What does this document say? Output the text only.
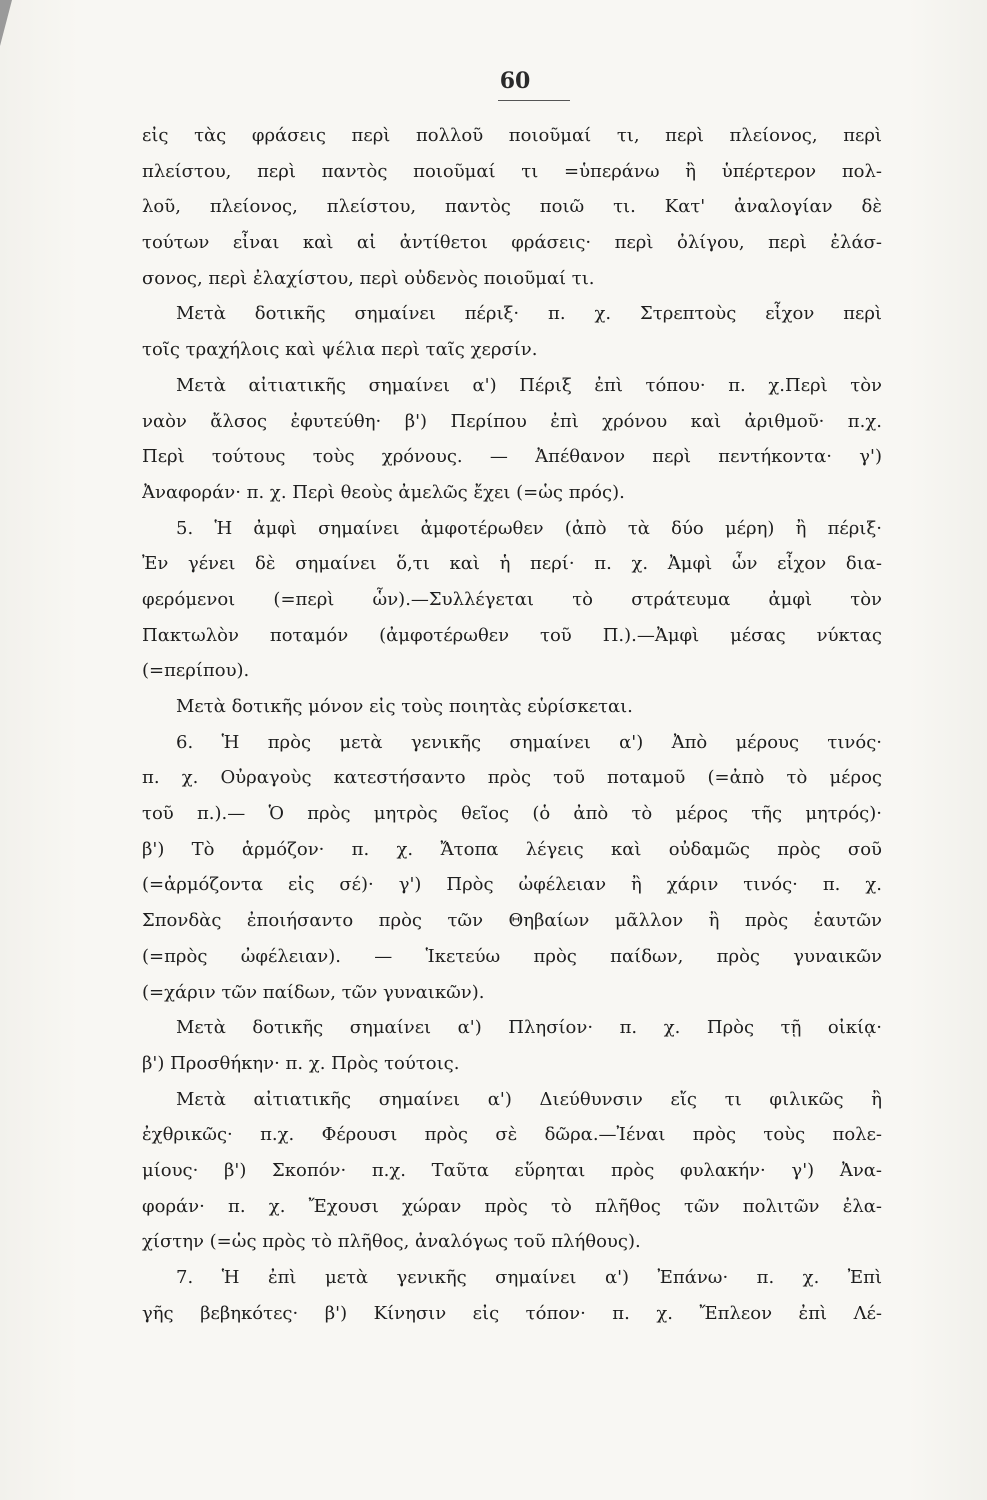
60
εἰς τὰς φράσεις περὶ πολλοῦ ποιοῦμαί τι, περὶ πλείονος, περὶ
πλείστου, περὶ παντὸς ποιοῦμαί τι =ὑπεράνω ἢ ὑπέρτερον πολ-
λοῦ, πλείονος, πλείστου, παντὸς ποιῶ τι. Κατ' ἀναλογίαν δὲ
τούτων εἶναι καὶ αἱ ἀντίθετοι φράσεις· περὶ ὀλίγου, περὶ ἐλάσ-
σονος, περὶ ἐλαχίστου, περὶ οὐδενὸς ποιοῦμαί τι.
Μετὰ δοτικῆς σημαίνει πέριξ· π. χ. Στρεπτοὺς εἶχον περὶ
τοῖς τραχήλοις καὶ ψέλια περὶ ταῖς χερσίν.
Μετὰ αἰτιατικῆς σημαίνει α') Πέριξ ἐπὶ τόπου· π. χ.Περὶ τὸν
ναὸν ἄλσος ἐφυτεύθη· β') Περίπου ἐπὶ χρόνου καὶ ἀριθμοῦ· π.χ.
Περὶ τούτους τοὺς χρόνους. — Ἀπέθανον περὶ πεντήκοντα· γ')
Ἀναφοράν· π. χ. Περὶ θεοὺς ἀμελῶς ἔχει (=ὡς πρός).
5. Ἡ ἀμφὶ σημαίνει ἀμφοτέρωθεν (ἀπὸ τὰ δύο μέρη) ἢ πέριξ·
Ἐν γένει δὲ σημαίνει ὅ,τι καὶ ἡ περί· π. χ. Ἀμφὶ ὧν εἶχον δια-
φερόμενοι (=περὶ ὧν).—Συλλέγεται τὸ στράτευμα ἀμφὶ τὸν
Πακτωλὸν ποταμόν (ἀμφοτέρωθεν τοῦ Π.).—Ἀμφὶ μέσας νύκτας
(=περίπου).
Μετὰ δοτικῆς μόνον εἰς τοὺς ποιητὰς εὑρίσκεται.
6. Ἡ πρὸς μετὰ γενικῆς σημαίνει α') Ἀπὸ μέρους τινός·
π. χ. Οὐραγοὺς κατεστήσαντο πρὸς τοῦ ποταμοῦ (=ἀπὸ τὸ μέρος
τοῦ π.).— Ὁ πρὸς μητρὸς θεῖος (ὁ ἀπὸ τὸ μέρος τῆς μητρός)·
β') Τὸ ἁρμόζον· π. χ. Ἄτοπα λέγεις καὶ οὐδαμῶς πρὸς σοῦ
(=ἁρμόζοντα εἰς σέ)· γ') Πρὸς ὠφέλειαν ἢ χάριν τινός· π. χ.
Σπονδὰς ἐποιήσαντο πρὸς τῶν Θηβαίων μᾶλλον ἢ πρὸς ἑαυτῶν
(=πρὸς ὠφέλειαν). — Ἱκετεύω πρὸς παίδων, πρὸς γυναικῶν
(=χάριν τῶν παίδων, τῶν γυναικῶν).
Μετὰ δοτικῆς σημαίνει α') Πλησίον· π. χ. Πρὸς τῇ οἰκίᾳ·
β') Προσθήκην· π. χ. Πρὸς τούτοις.
Μετὰ αἰτιατικῆς σημαίνει α') Διεύθυνσιν εἴς τι φιλικῶς ἢ
ἐχθρικῶς· π.χ. Φέρουσι πρὸς σὲ δῶρα.—Ἰέναι πρὸς τοὺς πολε-
μίους· β') Σκοπόν· π.χ. Ταῦτα εὕρηται πρὸς φυλακήν· γ') Ἀνα-
φοράν· π. χ. Ἔχουσι χώραν πρὸς τὸ πλῆθος τῶν πολιτῶν ἐλα-
χίστην (=ὡς πρὸς τὸ πλῆθος, ἀναλόγως τοῦ πλήθους).
7. Ἡ ἐπὶ μετὰ γενικῆς σημαίνει α') Ἐπάνω· π. χ. Ἐπὶ
γῆς βεβηκότες· β') Κίνησιν εἰς τόπον· π. χ. Ἔπλεον ἐπὶ Λέ-
